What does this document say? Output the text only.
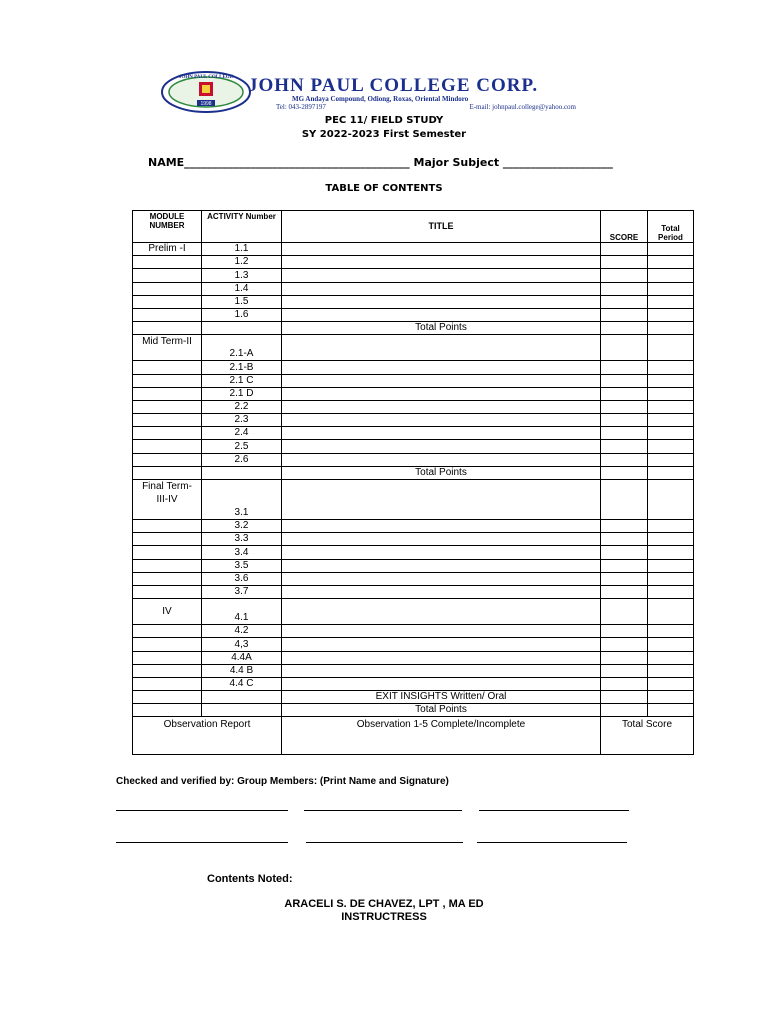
JOHN PAUL COLLEGE
1998
JOHN PAUL COLLEGE CORP.
MG Andaya Compound, Odiong, Roxas, Oriental Mindoro
Tel: 043-2897197	E-mail: johnpaul.college@yahoo.com
PEC 11/ FIELD STUDY
SY 2022-2023 First Semester
NAME_________________________________________ Major Subject ____________________
TABLE OF CONTENTS
MODULE NUMBER	ACTIVITY Number	TITLE	SCORE	Total Period
Prelim -I	1.1			
	1.2			
	1.3			
	1.4			
	1.5			
	1.6			
		Total Points		
Mid Term-II	2.1-A			
	2.1-B			
	2.1 C			
	2.1 D			
	2.2			
	2.3			
	2.4			
	2.5			
	2.6			
		Total Points		
Final Term-III-IV	3.1			
	3.2			
	3.3			
	3.4			
	3.5			
	3.6			
	3.7			
IV	4.1			
	4.2			
	4,3			
	4.4A			
	4.4 B			
	4.4 C			
		EXIT INSIGHTS Written/ Oral		
		Total Points		
Observation Report		Observation 1-5 Complete/Incomplete	Total Score	
Checked and verified by: Group Members: (Print Name and Signature)
Contents Noted:
ARACELI S. DE CHAVEZ, LPT , MA ED
INSTRUCTRESS
